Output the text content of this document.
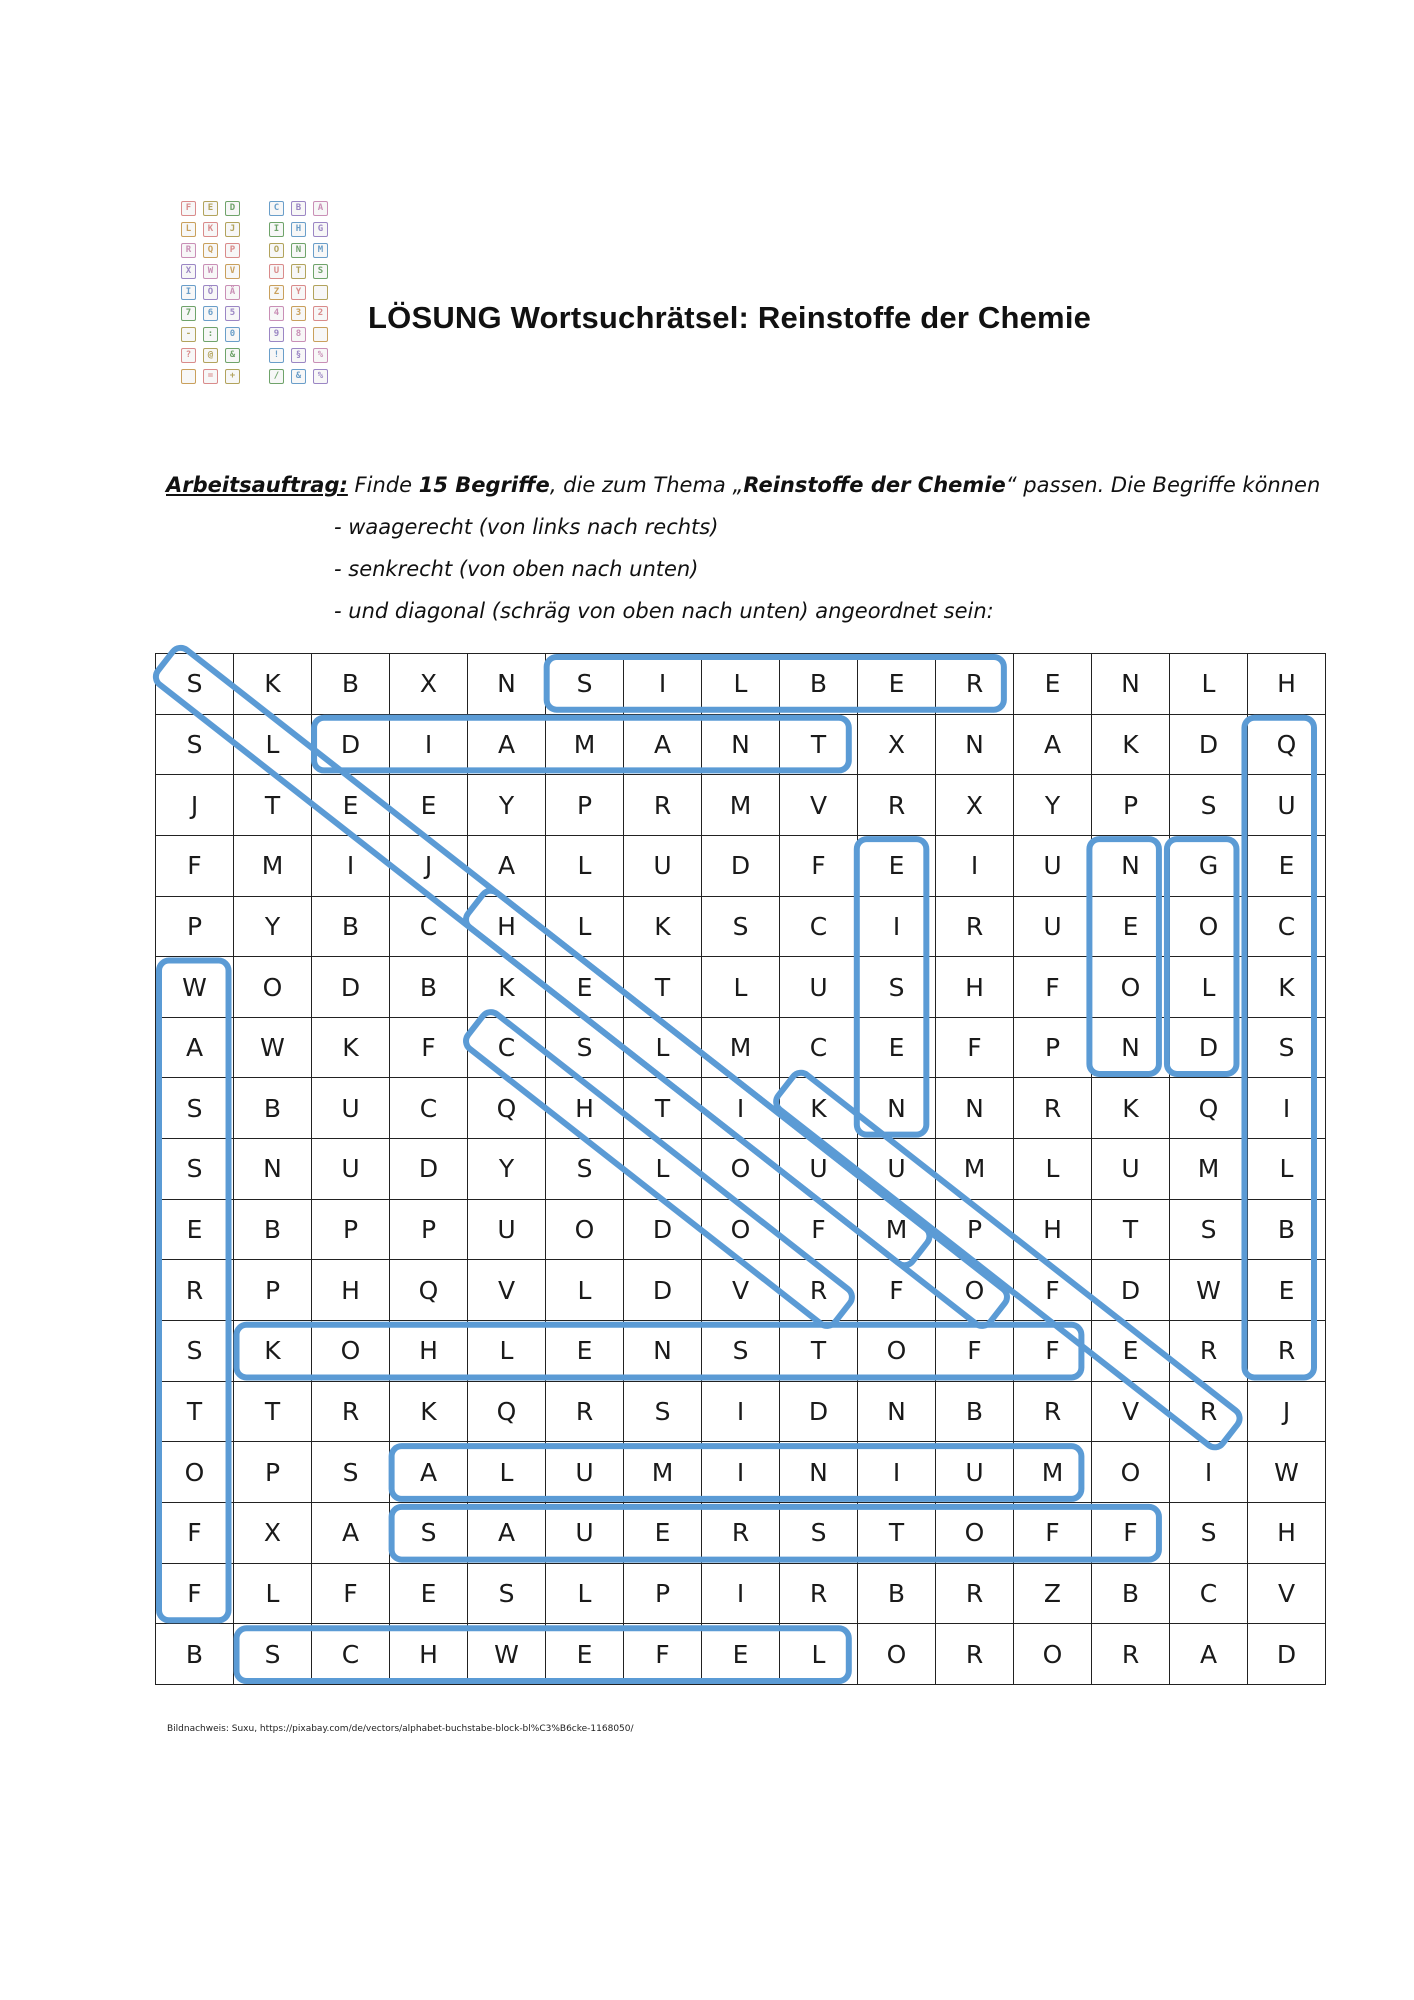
F	E	D	C	B	A
L	K	J	I	H	G
R	Q	P	O	N	M
X	W	V	U	T	S
I	Ö	Ä	Z	Y
7	6	5	4	3	2
-	:	0	9	8
?	@	&	!	§	%
=	+	/	&	%
LÖSUNG Wortsuchrätsel: Reinstoffe der Chemie
Arbeitsauftrag: Finde 15 Begriffe, die zum Thema „Reinstoffe der Chemie“ passen. Die Begriffe können
- waagerecht (von links nach rechts)
- senkrecht (von oben nach unten)
- und diagonal (schräg von oben nach unten) angeordnet sein:
S	K	B	X	N	S	I	L	B	E	R	E	N	L	H
S	L	D	I	A	M	A	N	T	X	N	A	K	D	Q
J	T	E	E	Y	P	R	M	V	R	X	Y	P	S	U
F	M	I	J	A	L	U	D	F	E	I	U	N	G	E
P	Y	B	C	H	L	K	S	C	I	R	U	E	O	C
W	O	D	B	K	E	T	L	U	S	H	F	O	L	K
A	W	K	F	C	S	L	M	C	E	F	P	N	D	S
S	B	U	C	Q	H	T	I	K	N	N	R	K	Q	I
S	N	U	D	Y	S	L	O	U	U	M	L	U	M	L
E	B	P	P	U	O	D	O	F	M	P	H	T	S	B
R	P	H	Q	V	L	D	V	R	F	O	F	D	W	E
S	K	O	H	L	E	N	S	T	O	F	F	E	R	R
T	T	R	K	Q	R	S	I	D	N	B	R	V	R	J
O	P	S	A	L	U	M	I	N	I	U	M	O	I	W
F	X	A	S	A	U	E	R	S	T	O	F	F	S	H
F	L	F	E	S	L	P	I	R	B	R	Z	B	C	V
B	S	C	H	W	E	F	E	L	O	R	O	R	A	D
Bildnachweis: Suxu, https://pixabay.com/de/vectors/alphabet-buchstabe-block-bl%C3%B6cke-1168050/
